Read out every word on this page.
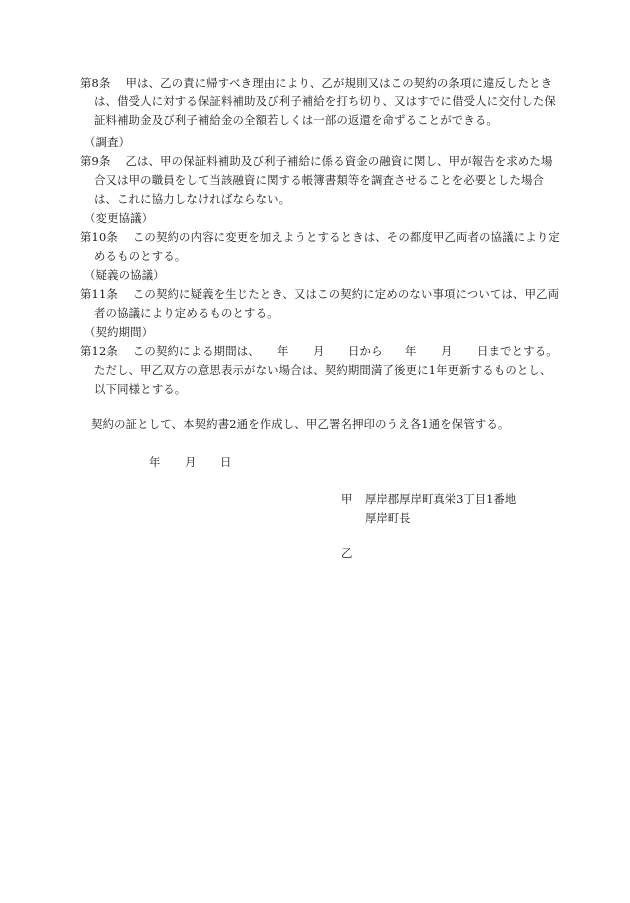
第8条 甲は、乙の責に帰すべき理由により、乙が規則又はこの契約の条項に違反したとき
は、借受人に対する保証料補助及び利子補給を打ち切り、又はすでに借受人に交付した保
証料補助金及び利子補給金の全額若しくは一部の返還を命ずることができる。
（調査）
第9条 乙は、甲の保証料補助及び利子補給に係る資金の融資に関し、甲が報告を求めた場
合又は甲の職員をして当該融資に関する帳簿書類等を調査させることを必要とした場合
は、これに協力しなければならない。
（変更協議）
第10条 この契約の内容に変更を加えようとするときは、その都度甲乙両者の協議により定
めるものとする。
（疑義の協議）
第11条 この契約に疑義を生じたとき、又はこの契約に定めのない事項については、甲乙両
者の協議により定めるものとする。
（契約期間）
第12条 この契約による期間は、 年 月 日から 年 月 日までとする。
ただし、甲乙双方の意思表示がない場合は、契約期間満了後更に1年更新するものとし、
以下同様とする。
契約の証として、本契約書2通を作成し、甲乙署名押印のうえ各1通を保管する。
年 月 日
甲 厚岸郡厚岸町真栄3丁目1番地
厚岸町長
乙
